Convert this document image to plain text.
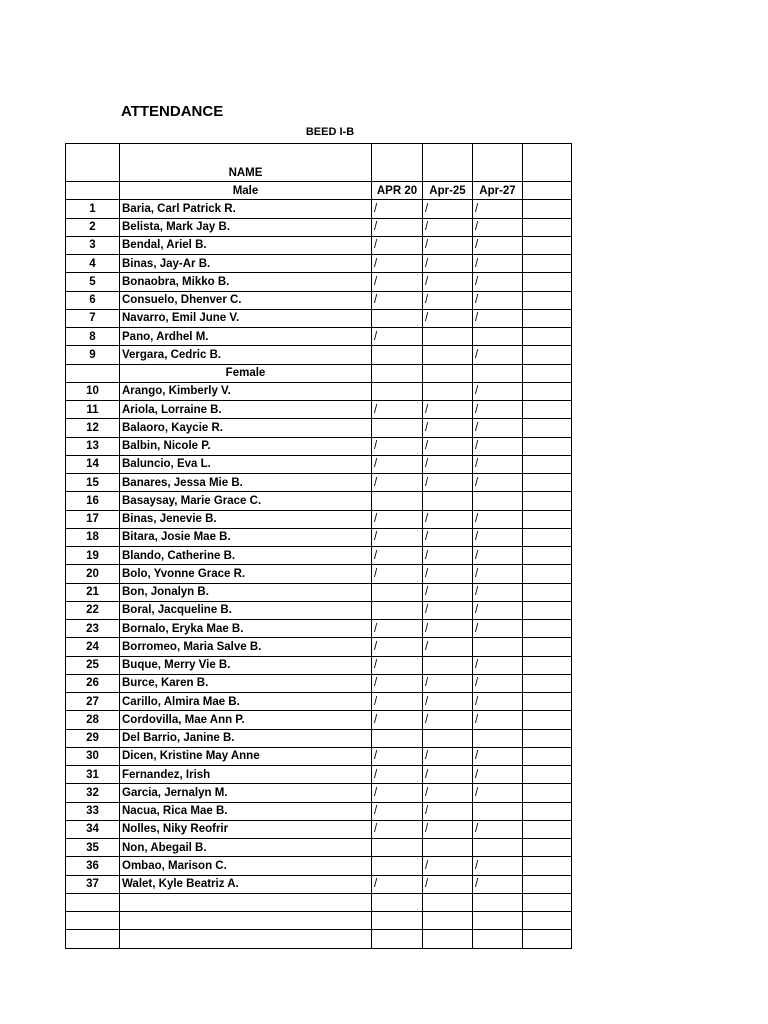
ATTENDANCE
BEED I-B
	NAME				
	Male	APR 20	Apr-25	Apr-27	
1	Baria, Carl Patrick R.	/	/	/	
2	Belista, Mark Jay B.	/	/	/	
3	Bendal, Ariel B.	/	/	/	
4	Binas, Jay-Ar B.	/	/	/	
5	Bonaobra, Mikko B.	/	/	/	
6	Consuelo, Dhenver C.	/	/	/	
7	Navarro, Emil June V.		/	/	
8	Pano, Ardhel M.	/			
9	Vergara, Cedric B.			/	
	Female				
10	Arango, Kimberly V.			/	
11	Ariola, Lorraine B.	/	/	/	
12	Balaoro, Kaycie R.		/	/	
13	Balbin, Nicole P.	/	/	/	
14	Baluncio, Eva L.	/	/	/	
15	Banares, Jessa Mie B.	/	/	/	
16	Basaysay, Marie Grace C.				
17	Binas, Jenevie B.	/	/	/	
18	Bitara, Josie Mae B.	/	/	/	
19	Blando, Catherine B.	/	/	/	
20	Bolo, Yvonne Grace R.	/	/	/	
21	Bon, Jonalyn B.		/	/	
22	Boral, Jacqueline B.		/	/	
23	Bornalo, Eryka Mae B.	/	/	/	
24	Borromeo, Maria Salve B.	/	/		
25	Buque, Merry Vie B.	/		/	
26	Burce, Karen B.	/	/	/	
27	Carillo, Almira Mae B.	/	/	/	
28	Cordovilla, Mae Ann P.	/	/	/	
29	Del Barrio, Janine B.				
30	Dicen, Kristine May Anne	/	/	/	
31	Fernandez, Irish	/	/	/	
32	Garcia, Jernalyn M.	/	/	/	
33	Nacua, Rica Mae B.	/	/		
34	Nolles, Niky Reofrir	/	/	/	
35	Non, Abegail B.				
36	Ombao, Marison C.		/	/	
37	Walet, Kyle Beatriz A.	/	/	/	
